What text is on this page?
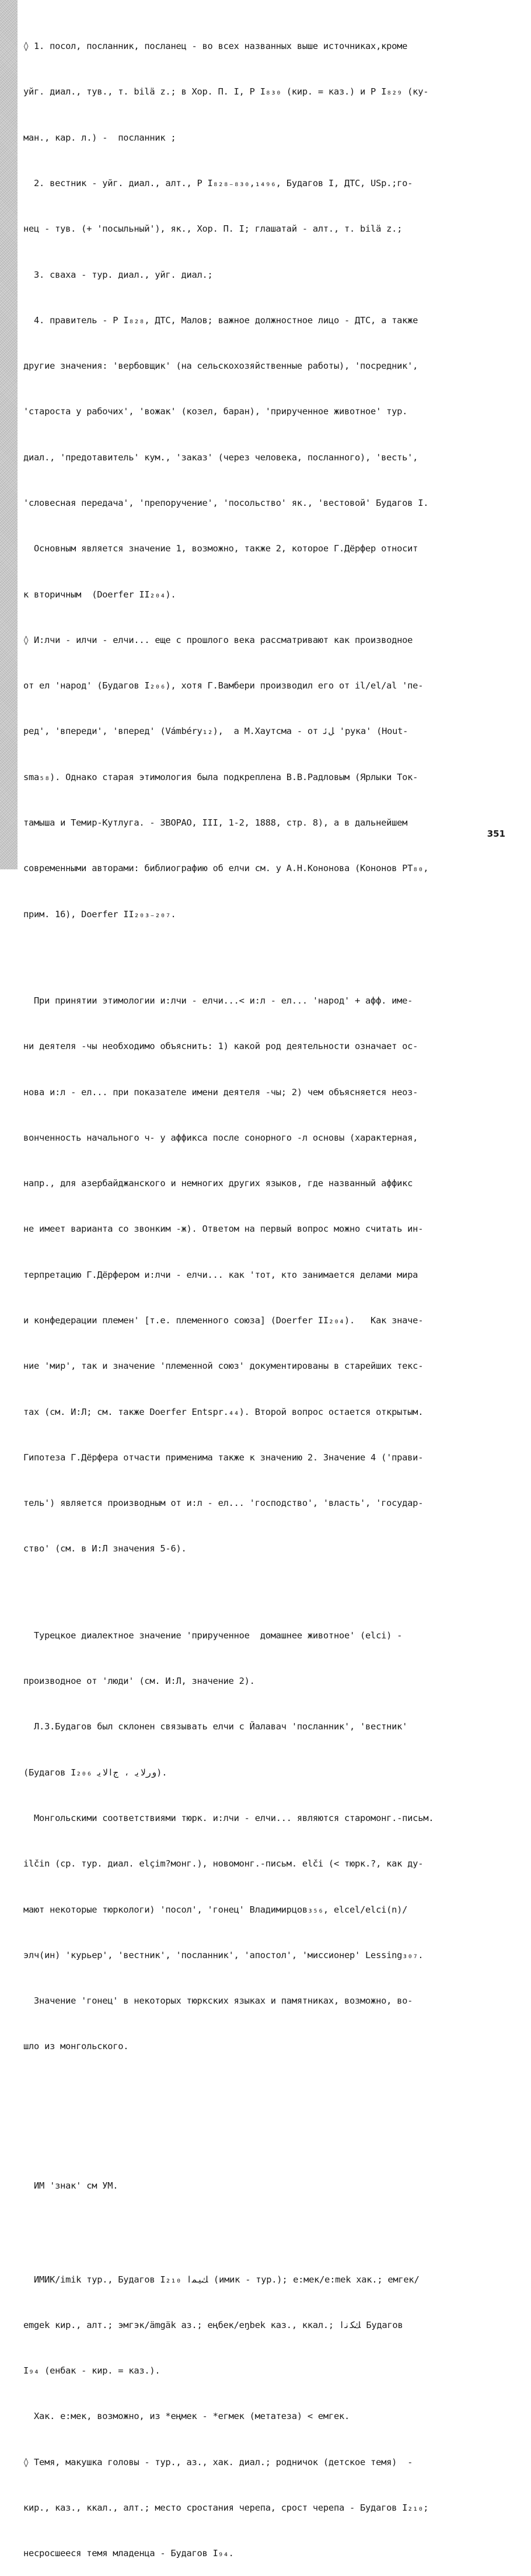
◊ 1. посол, посланник, посланец - во всех названных выше источниках,кроме

уйг. диал., тув., т. bilä z.; в Хор. П. I, Р I₈₃₀ (кир. = каз.) и Р I₈₂₉ (ку-

ман., кар. л.) -  посланник ;

2. вестник - уйг. диал., алт., Р I₈₂₈₋₈₃₀,₁₄₉₆, Будагов I, ДТС, USp.;го-

нец - тув. (+ 'посыльный'), як., Хор. П. I; глашатай - алт., т. bilä z.;

3. сваха - тур. диал., уйг. диал.;

4. правитель - Р I₈₂₈, ДТС, Малов; важное должностное лицо - ДТС, а также

другие значения: 'вербовщик' (на сельскохозяйственные работы), 'посредник',

'староста у рабочих', 'вожак' (козел, баран), 'прирученное животное' тур.

диал., 'предотавитель' кум., 'заказ' (через человека, посланного), 'весть',

'словесная передача', 'препоручение', 'посольство' як., 'вестовой' Будагов I.

Основным является значение 1, возможно, также 2, которое Г.Дёрфер относит

к вторичным  (Doerfer II₂₀₄).

◊ И:лчи - илчи - елчи... еще с прошлого века рассматривают как производное

от ел 'народ' (Будагов I₂₀₆), хотя Г.Вамбери производил его от il/el/al 'пе-

ред', 'впереди', 'вперед' (Vámbéry₁₂),  а М.Хаутсма - от ﻞﺋ 'рука' (Hout-

sma₅₈). Однако старая этимология была подкреплена В.В.Радловым (Ярлыки Ток-

тамыша и Темир-Кутлуга. - ЗВОРАО, III, 1-2, 1888, стр. 8), а в дальнейшем

современными авторами: библиографию об елчи см. у А.Н.Кононова (Кононов РТ₈₀,

прим. 16), Doerfer II₂₀₃₋₂₀₇.

При принятии этимологии и:лчи - елчи...< и:л - ел... 'народ' + афф. име-

ни деятеля -чы необходимо объяснить: 1) какой род деятельности означает ос-

нова и:л - ел... при показателе имени деятеля -чы; 2) чем объясняется неоз-

вонченность начального ч- у аффикса после сонорного -л основы (характерная,

напр., для азербайджанского и немногих других языков, где названный аффикс

не имеет варианта со звонким -ж). Ответом на первый вопрос можно считать ин-

терпретацию Г.Дёрфером и:лчи - елчи... как 'тот, кто занимается делами мира

и конфедерации племен' [т.е. племенного союза] (Doerfer II₂₀₄).   Как значе-

ние 'мир', так и значение 'племенной союз' документированы в старейших текс-

тах (см. И:Л; см. также Doerfer Entspr.₄₄). Второй вопрос остается открытым.

Гипотеза Г.Дёрфера отчасти применима также к значению 2. Значение 4 ('прави-

тель') является производным от и:л - ел... 'господство', 'власть', 'государ-

ство' (см. в И:Л значения 5-6).

Турецкое диалектное значение 'прирученное  домашнее животное' (elci) -

производное от 'люди' (см. И:Л, значение 2).

Л.З.Будагов был склонен связывать елчи с Йалавач 'посланник', 'вестник'

(Будагов I₂₀₆ ﻭﺭﻻﻳ ، ﺝﺍﻻﻳ).

Монгольскими соответствиями тюрк. и:лчи - елчи... являются старомонг.-письм.

ilčin (ср. тур. диал. elçim?монг.), новомонг.-письм. elči (< тюрк.?, как ду-

мают некоторые тюркологи) 'посол', 'гонец' Владимирцов₃₅₆, elcel/elci(n)/

элч(ин) 'курьер', 'вестник', 'посланник', 'апостол', 'миссионер' Lessing₃₀₇.

Значение 'гонец' в некоторых тюркских языках и памятниках, возможно, во-

шло из монгольского.

ИМ 'знак' см УМ.

ИМИК/imik тур., Будагов I₂₁₀ ﻚﻴﻤﺍ (имик - тур.); е:мек/e:mek хак.; емгек/

emgek кир., алт.; эмгэк/ämgäk аз.; еңбек/eŋbek каз., ккал.; ﻚﻜﻧﺍ Будагов

I₉₄ (енбак - кир. = каз.).

Хак. е:мек, возможно, из *еңмек - *егмек (метатеза) < емгек.

◊ Темя, макушка головы - тур., аз., хак. диал.; родничок (детское темя)  -

кир., каз., ккал., алт.; место сростания черепа, срост черепа - Будагов I₂₁₀;

несросшееся темя младенца - Будагов I₉₄.

351
